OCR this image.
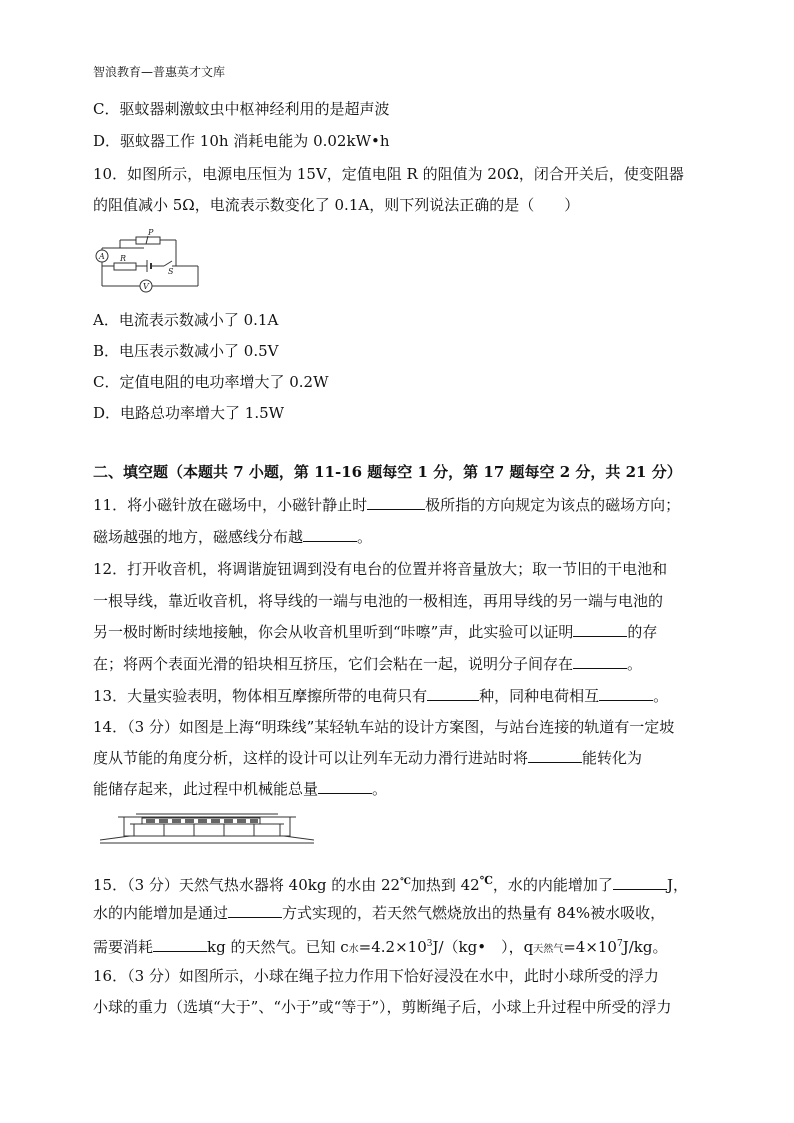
智浪教育—普惠英才文库
C．驱蚊器刺激蚊虫中枢神经利用的是超声波
D．驱蚊器工作 10h 消耗电能为 0.02kW•h
10．如图所示，电源电压恒为 15V，定值电阻 R 的阻值为 20Ω，闭合开关后，使变阻器
的阻值减小 5Ω，电流表示数变化了 0.1A，则下列说法正确的是（　　）
A
V
P
R
S
A．电流表示数减小了 0.1A
B．电压表示数减小了 0.5V
C．定值电阻的电功率增大了 0.2W
D．电路总功率增大了 1.5W
二、填空题（本题共 7 小题，第 11-16 题每空 1 分，第 17 题每空 2 分，共 21 分）
11．将小磁针放在磁场中，小磁针静止时	极所指的方向规定为该点的磁场方向；
磁场越强的地方，磁感线分布越	。
12．打开收音机，将调谐旋钮调到没有电台的位置并将音量放大；取一节旧的干电池和
一根导线，靠近收音机，将导线的一端与电池的一极相连，再用导线的另一端与电池的
另一极时断时续地接触，你会从收音机里听到“咔嚓”声，此实验可以证明	的存
在；将两个表面光滑的铅块相互挤压，它们会粘在一起，说明分子间存在	。
13．大量实验表明，物体相互摩擦所带的电荷只有	种，同种电荷相互	。
14．（3 分）如图是上海“明珠线”某轻轨车站的设计方案图，与站台连接的轨道有一定坡
度从节能的角度分析，这样的设计可以让列车无动力滑行进站时将	能转化为
能储存起来，此过程中机械能总量	。
15．（3 分）天然气热水器将 40kg 的水由 22℃加热到 42℃，水的内能增加了	J，
水的内能增加是通过	方式实现的，若天然气燃烧放出的热量有 84%被水吸收，
需要消耗	kg 的天然气。已知 c水$=4.2\times 10^3J/(kg•$　），q天然气$=4\times 10^7J/kg$。
16．（3 分）如图所示，小球在绳子拉力作用下恰好浸没在水中，此时小球所受的浮力
小球的重力（选填“大于”、“小于”或“等于”），剪断绳子后，小球上升过程中所受的浮力
